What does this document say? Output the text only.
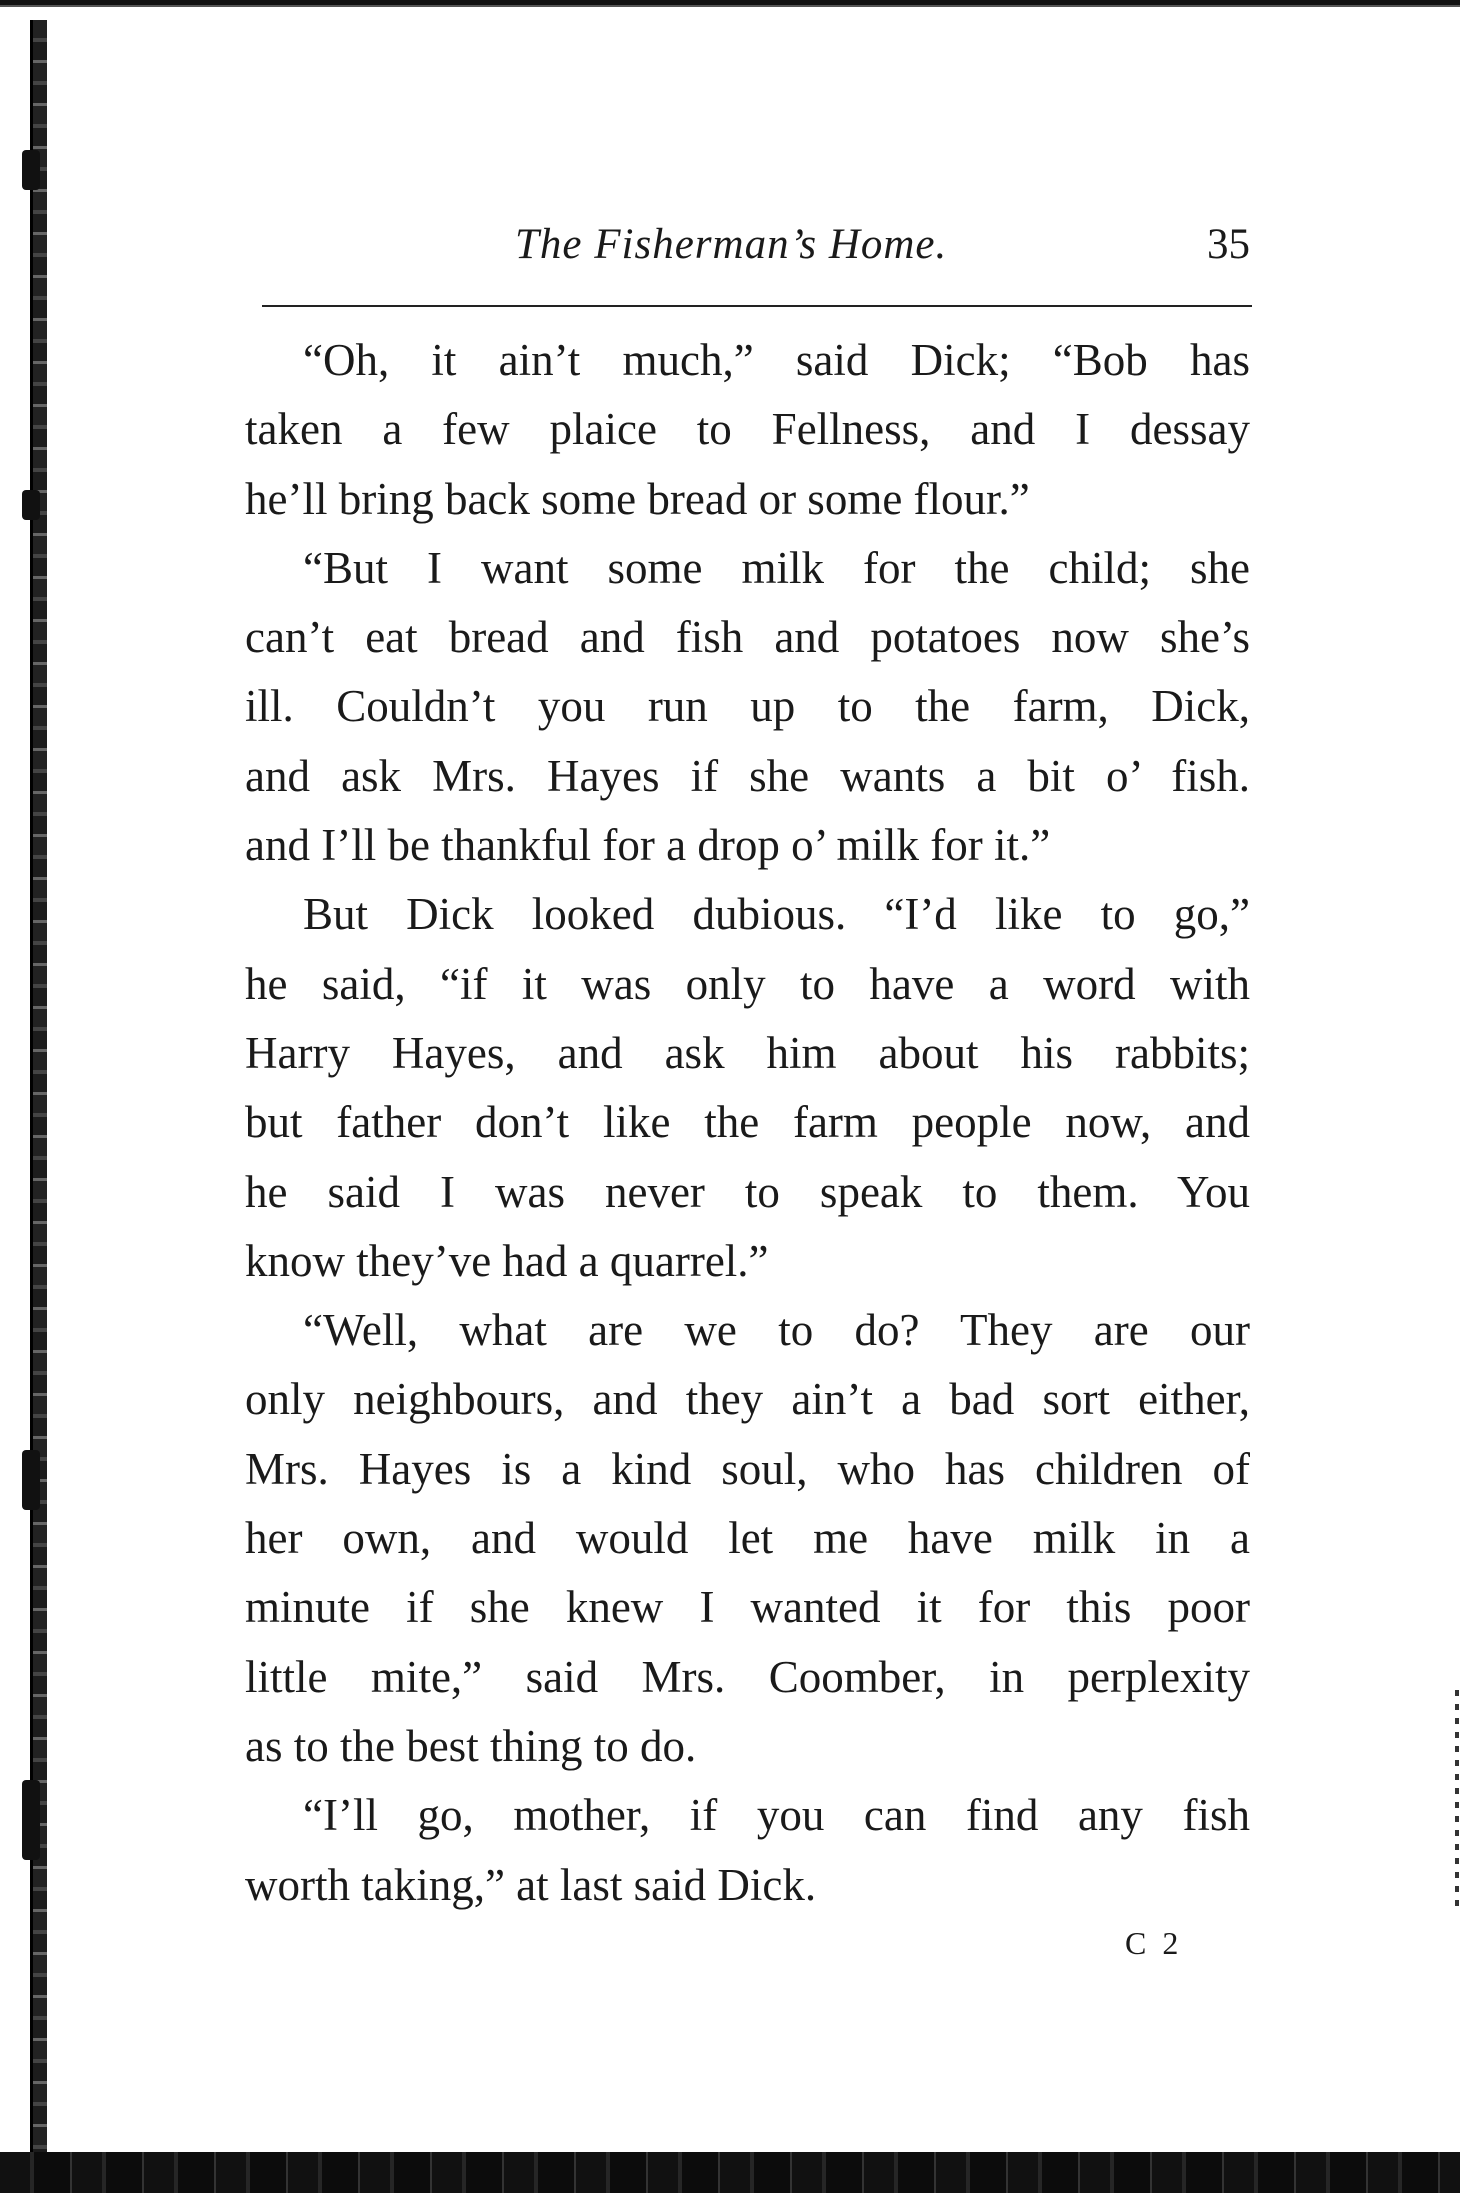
The Fisherman’s Home.	35
“Oh, it ain’t much,” said Dick; “Bob has
taken a few plaice to Fellness, and I dessay
he’ll bring back some bread or some flour.”
“But I want some milk for the child; she
can’t eat bread and fish and potatoes now she’s
ill. Couldn’t you run up to the farm, Dick,
and ask Mrs. Hayes if she wants a bit o’ fish.
and I’ll be thankful for a drop o’ milk for it.”
But Dick looked dubious. “I’d like to go,”
he said, “if it was only to have a word with
Harry Hayes, and ask him about his rabbits;
but father don’t like the farm people now, and
he said I was never to speak to them. You
know they’ve had a quarrel.”
“Well, what are we to do? They are our
only neighbours, and they ain’t a bad sort either,
Mrs. Hayes is a kind soul, who has children of
her own, and would let me have milk in a
minute if she knew I wanted it for this poor
little mite,” said Mrs. Coomber, in perplexity
as to the best thing to do.
“I’ll go, mother, if you can find any fish
worth taking,” at last said Dick.
C 2
